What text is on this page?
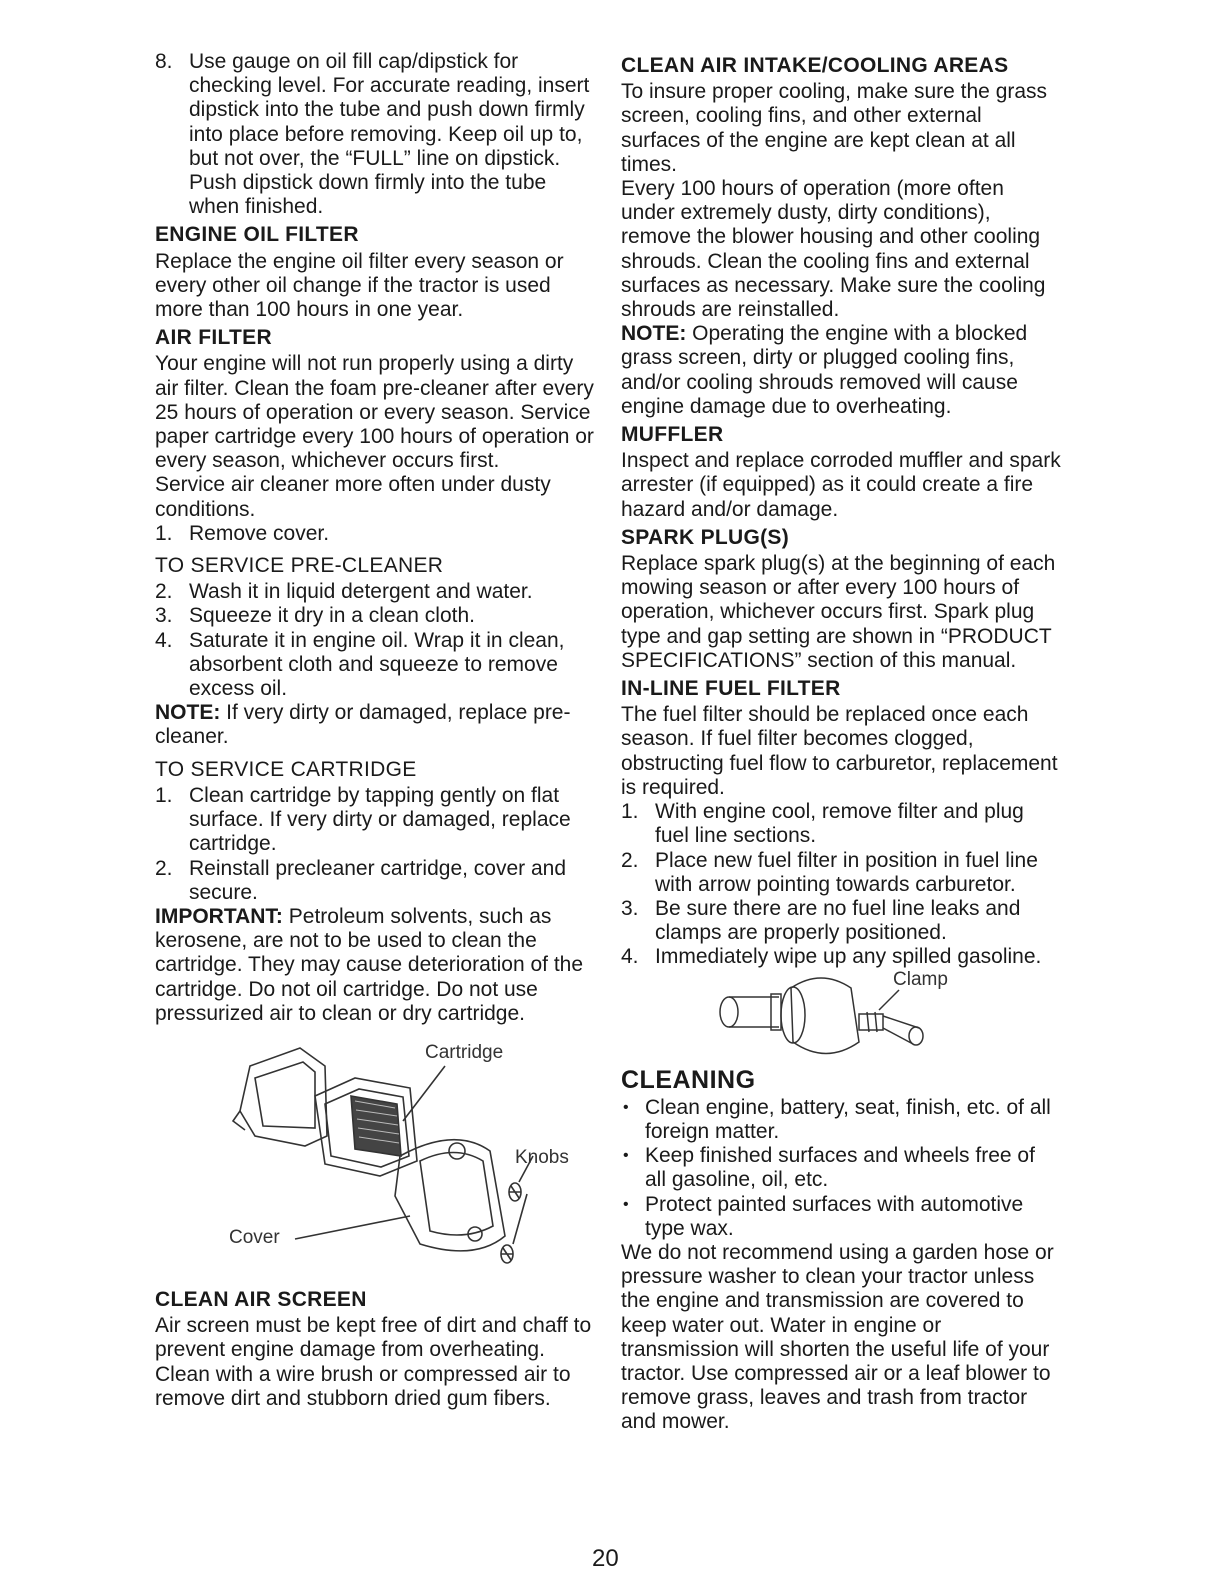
8. Use gauge on oil fill cap/dipstick for checking level. For accurate reading, insert dipstick into the tube and push down firmly into place before removing. Keep oil up to, but not over, the “FULL” line on dipstick. Push dipstick down firmly into the tube when finished.
ENGINE OIL FILTER

Replace the engine oil filter every season or every other oil change if the tractor is used more than 100 hours in one year.

AIR FILTER

Your engine will not run properly using a dirty air filter. Clean the foam pre-cleaner after every 25 hours of operation or every season. Service paper cartridge every 100 hours of operation or every season, whichever occurs first.

Service air cleaner more often under dusty conditions.

1. Remove cover.
TO SERVICE PRE-CLEANER
2. Wash it in liquid detergent and water.
3. Squeeze it dry in a clean cloth.
4. Saturate it in engine oil. Wrap it in clean, absorbent cloth and squeeze to remove excess oil.

NOTE: If very dirty or damaged, replace pre-cleaner.

TO SERVICE CARTRIDGE
1. Clean cartridge by tapping gently on flat surface. If very dirty or damaged, replace cartridge.
2. Reinstall precleaner cartridge, cover and secure.

IMPORTANT: Petroleum solvents, such as kerosene, are not to be used to clean the cartridge. They may cause deterioration of the cartridge. Do not oil cartridge. Do not use pressurized air to clean or dry cartridge.

Cartridge
Knobs
Cover
CLEAN AIR SCREEN

Air screen must be kept free of dirt and chaff to prevent engine damage from overheating. Clean with a wire brush or compressed air to remove dirt and stubborn dried gum fibers.

CLEAN AIR INTAKE/COOLING AREAS

To insure proper cooling, make sure the grass screen, cooling fins, and other external surfaces of the engine are kept clean at all times.

Every 100 hours of operation (more often under extremely dusty, dirty conditions), remove the blower housing and other cooling shrouds. Clean the cooling fins and external surfaces as necessary. Make sure the cooling shrouds are reinstalled.

NOTE: Operating the engine with a blocked grass screen, dirty or plugged cooling fins, and/or cooling shrouds removed will cause engine damage due to overheating.

MUFFLER

Inspect and replace corroded muffler and spark arrester (if equipped) as it could create a fire hazard and/or damage.

SPARK PLUG(S)

Replace spark plug(s) at the beginning of each mowing season or after every 100 hours of operation, whichever occurs first. Spark plug type and gap setting are shown in “PRODUCT SPECIFICATIONS” section of this manual.

IN-LINE FUEL FILTER

The fuel filter should be replaced once each season. If fuel filter becomes clogged, obstructing fuel flow to carburetor, replacement is required.

1. With engine cool, remove filter and plug fuel line sections.
2. Place new fuel filter in position in fuel line with arrow pointing towards carburetor.
3. Be sure there are no fuel line leaks and clamps are properly positioned.
4. Immediately wipe up any spilled gasoline.
Clamp
CLEANING
• Clean engine, battery, seat, finish, etc. of all foreign matter.
• Keep finished surfaces and wheels free of all gasoline, oil, etc.
• Protect painted surfaces with automotive type wax.

We do not recommend using a garden hose or pressure washer to clean your tractor unless the engine and transmission are covered to keep water out. Water in engine or transmission will shorten the useful life of your tractor. Use compressed air or a leaf blower to remove grass, leaves and trash from tractor and mower.

20
